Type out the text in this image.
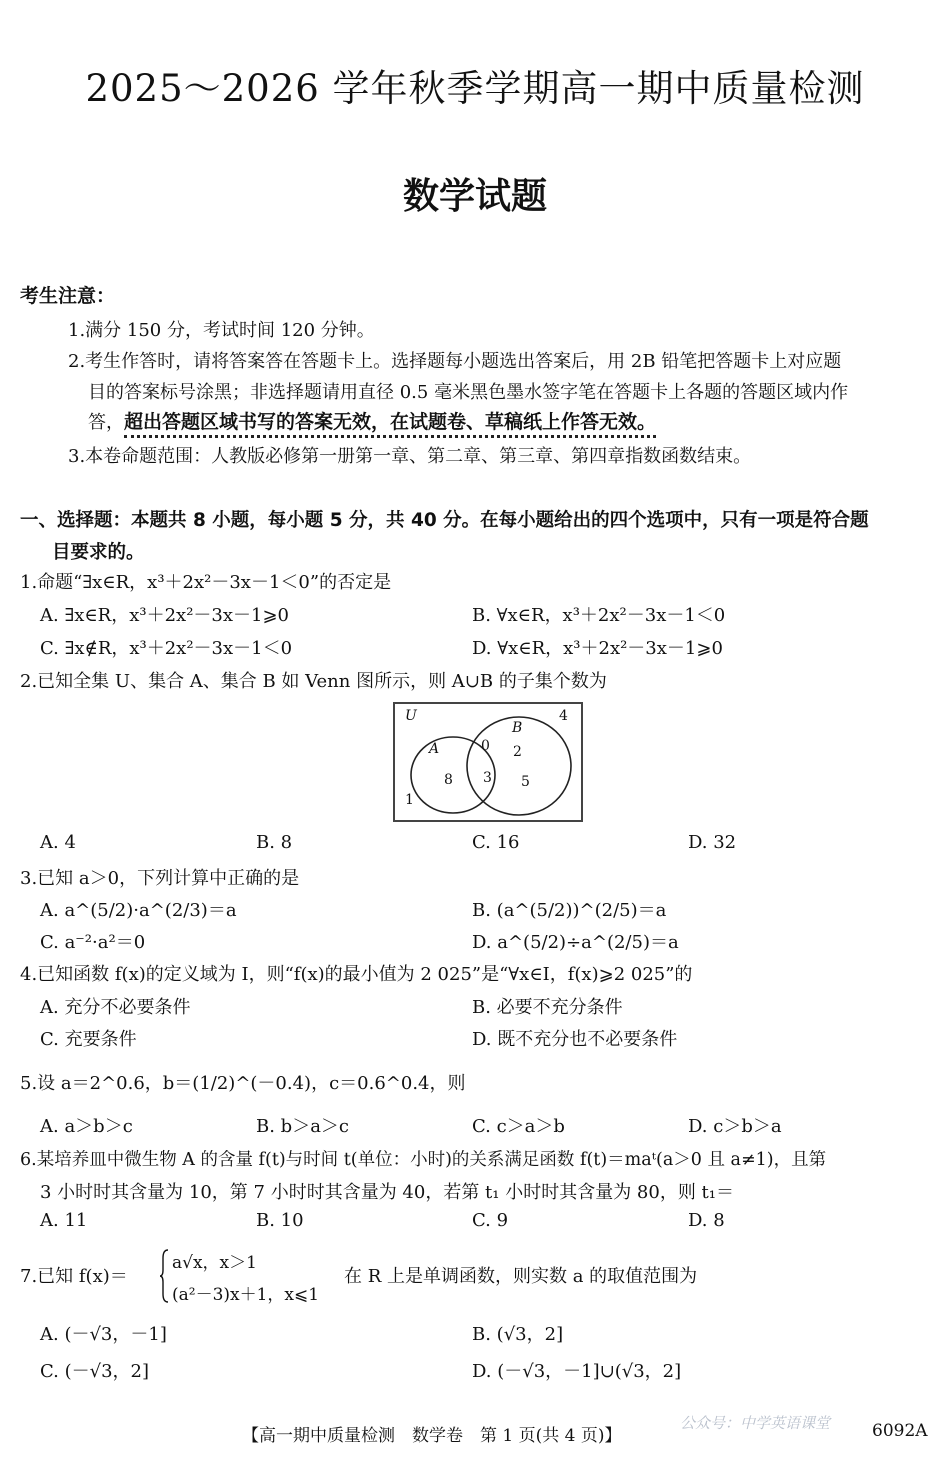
2025～2026 学年秋季学期高一期中质量检测
数学试题
考生注意：
1.满分 150 分，考试时间 120 分钟。
2.考生作答时，请将答案答在答题卡上。选择题每小题选出答案后，用 2B 铅笔把答题卡上对应题
目的答案标号涂黑；非选择题请用直径 0.5 毫米黑色墨水签字笔在答题卡上各题的答题区域内作
答，超出答题区域书写的答案无效，在试题卷、草稿纸上作答无效。
3.本卷命题范围：人教版必修第一册第一章、第二章、第三章、第四章指数函数结束。
一、选择题：本题共 8 小题，每小题 5 分，共 40 分。在每小题给出的四个选项中，只有一项是符合题
目要求的。
1.命题“∃x∈R，x³＋2x²－3x－1＜0”的否定是
A. ∃x∈R，x³＋2x²－3x－1⩾0	B. ∀x∈R，x³＋2x²－3x－1＜0
C. ∃x∉R，x³＋2x²－3x－1＜0	D. ∀x∈R，x³＋2x²－3x－1⩾0
2.已知全集 U、集合 A、集合 B 如 Venn 图所示，则 A∪B 的子集个数为
U
B
4
A	0 2
8 3 5
1
A. 4	B. 8	C. 16	D. 32
3.已知 a＞0，下列计算中正确的是
A. a^(5/2)·a^(2/3)＝a	B. (a^(5/2))^(2/5)＝a
C. a⁻²·a²＝0	D. a^(5/2)÷a^(2/5)＝a
4.已知函数 f(x)的定义域为 I，则“f(x)的最小值为 2 025”是“∀x∈I，f(x)⩾2 025”的
A. 充分不必要条件	B. 必要不充分条件
C. 充要条件	D. 既不充分也不必要条件
5.设 a＝2^0.6，b＝(1/2)^(－0.4)，c＝0.6^0.4，则
A. a＞b＞c	B. b＞a＞c	C. c＞a＞b	D. c＞b＞a
6.某培养皿中微生物 A 的含量 f(t)与时间 t(单位：小时)的关系满足函数 f(t)＝maᵗ(a＞0 且 a≠1)，且第
3 小时时其含量为 10，第 7 小时时其含量为 40，若第 t₁ 小时时其含量为 80，则 t₁＝
A. 11	B. 10	C. 9	D. 8
7.已知 f(x)＝
a√x，x＞1
(a²－3)x＋1，x⩽1
在 R 上是单调函数，则实数 a 的取值范围为
A. (－√3，－1]	B. (√3，2]
C. (－√3，2]	D. (－√3，－1]∪(√3，2]
【高一期中质量检测　数学卷　第 1 页(共 4 页)】
公众号：中学英语课堂 6092A
